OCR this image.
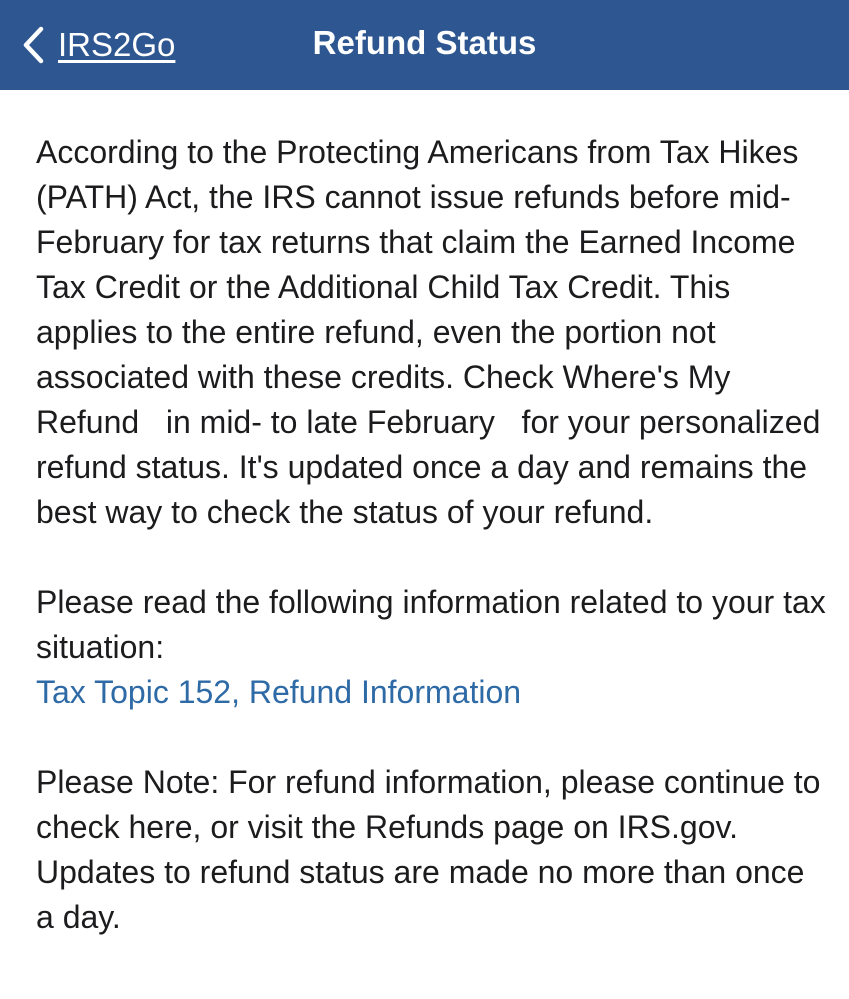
IRS2Go	Refund Status

According to the Protecting Americans from Tax Hikes (PATH) Act, the IRS cannot issue refunds before mid-February for tax returns that claim the Earned Income Tax Credit or the Additional Child Tax Credit. This applies to the entire refund, even the portion not associated with these credits. Check Where's My Refund in mid- to late February for your personalized refund status. It's updated once a day and remains the best way to check the status of your refund.

Please read the following information related to your tax situation:
Tax Topic 152, Refund Information

Please Note: For refund information, please continue to check here, or visit the Refunds page on IRS.gov. Updates to refund status are made no more than once a day.
